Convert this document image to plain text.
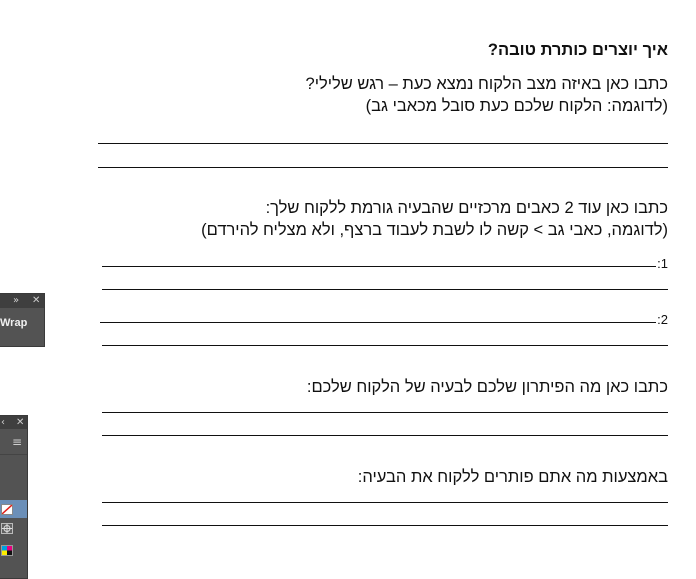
איך יוצרים כותרת טובה?
כתבו כאן באיזה מצב הלקוח נמצא כעת – רגש שלילי?
(לדוגמה: הלקוח שלכם כעת סובל מכאבי גב)
כתבו כאן עוד 2 כאבים מרכזיים שהבעיה גורמת ללקוח שלך:
(לדוגמה, כאבי גב > קשה לו לשבת לעבוד ברצף, ולא מצליח להירדם)
1:
2:
כתבו כאן מה הפיתרון שלכם לבעיה של הלקוח שלכם:
באמצעות מה אתם פותרים ללקוח את הבעיה:
» ✕
Wrap
‹ ✕
≡
